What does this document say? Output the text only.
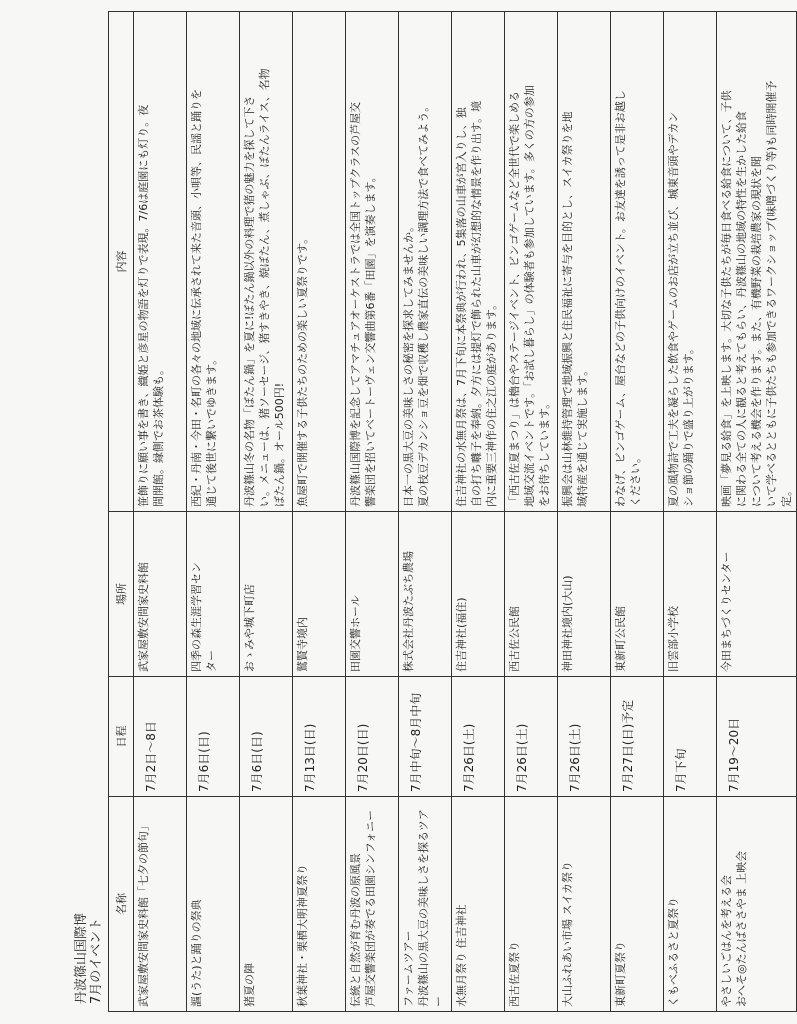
丹波篠山国際博 7月のイベント
名称	日程	場所	内容

武家屋敷安間家史料館「七夕の節句」	7月2日～8日	武家屋敷安間家史料館	笹飾りに願い事を書き、織姫と彦星の物語を灯りで表現。7/6は庭園にも灯り。夜 間開館。縁側でお茶体験も。

謳(うた)と踊りの祭典	7月6日(日)	四季の森生涯学習セン ター	西紀・丹南・今田・名町の各々の地域に伝承されて来た音頭、小唄等、民謡と踊りを 通じて後世に繋いでゆきます。

猪夏の陣	7月6日(日)	おゝみや城下町店	丹波篠山冬の名物「ぼたん鍋」を夏に!ぼたん鍋以外の料理で猪の魅力を探して下さ い。メニューは、猪ソーセージ、猪すきやき、焼ぼたん、煮しゃぶ、ぼたんライス、名物 ぼたん鍋。オール500円!

秋葉神社・栗栖大明神夏祭り	7月13日(日)	鷲賢寺境内	魚屋町で開催する子供たちのための楽しい夏祭りです。

伝統と自然が育む丹波の原風景 芦屋交響楽団が奏でる田園シンフォニー	7月20日(日)	田園交響ホール	丹波篠山国際博を記念してアマチュアオーケストラでは全国トップクラスの芦屋交 響楽団を招いてベートーヴェン交響曲第6番「田園」を演奏します。

ファームツアー 丹波篠山の黒大豆の美味しさを探るツアー	7月中旬～8月中旬	株式会社丹波たぶち農場	日本一の黒大豆の美味しさの秘密を探求してみませんか。 夏の枝豆デカンショ豆を畑で収穫し農家直伝の美味しい調理方法で食べてみよう。

水無月祭り 住吉神社	7月26日(土)	住吉神社(福住)	住吉神社の水無月祭は、7月下旬に本祭典が行われ、5集落の山車が宮入りし、独 自の打ち囃子を奉納。夕方には提灯で飾られた山車が幻想的な情景を作り出す。境 内に重要三神作の住之江の庭があります。

西古佐夏祭り	7月26日(土)	西古佐公民館	「西古佐夏まつり」は櫓台やステージイベント、ビンゴゲームなど全世代で楽しめる 地域交流イベントです。「お試し暮らし」の体験者も参加しています。多くの方の参加 をお待ちしています。

大山ふれあい市場 スイカ祭り	7月26日(土)	神田神社境内(大山)	振興会は山林維持管理で地域振興と住民福祉に寄与を目的とし、スイカ祭りを地 域特産を通じて実施します。

東新町夏祭り	7月27日(日)予定	東新町公民館	わなげ、ビンゴゲーム、屋台などの子供向けのイベント。お友達を誘って是非お越し ください。

くもべふるさと夏祭り	7月下旬	旧雲部小学校	夏の風物詩で工夫を凝らした飲食やゲームのお店が立ち並び、城東音頭やデカン ショ節の踊りで盛り上がります。

やさしいごはんを考える会 おへそ◎たんばささやま 上映会	7月19～20日	今田まちづくりセンター	映画「夢見る給食」を上映します。大切な子供たちが毎日食べる給食について、子供 に関わる全ての人に観ると考えてもらい、丹波篠山の地域の特性を生かした給食 について考える機会を作ります。また、有機野菜の栽培農家の現状を聞 いて学べるとともに子供たちも参加できるワークショップ(味噌づくり等)も同時開催予 定。
